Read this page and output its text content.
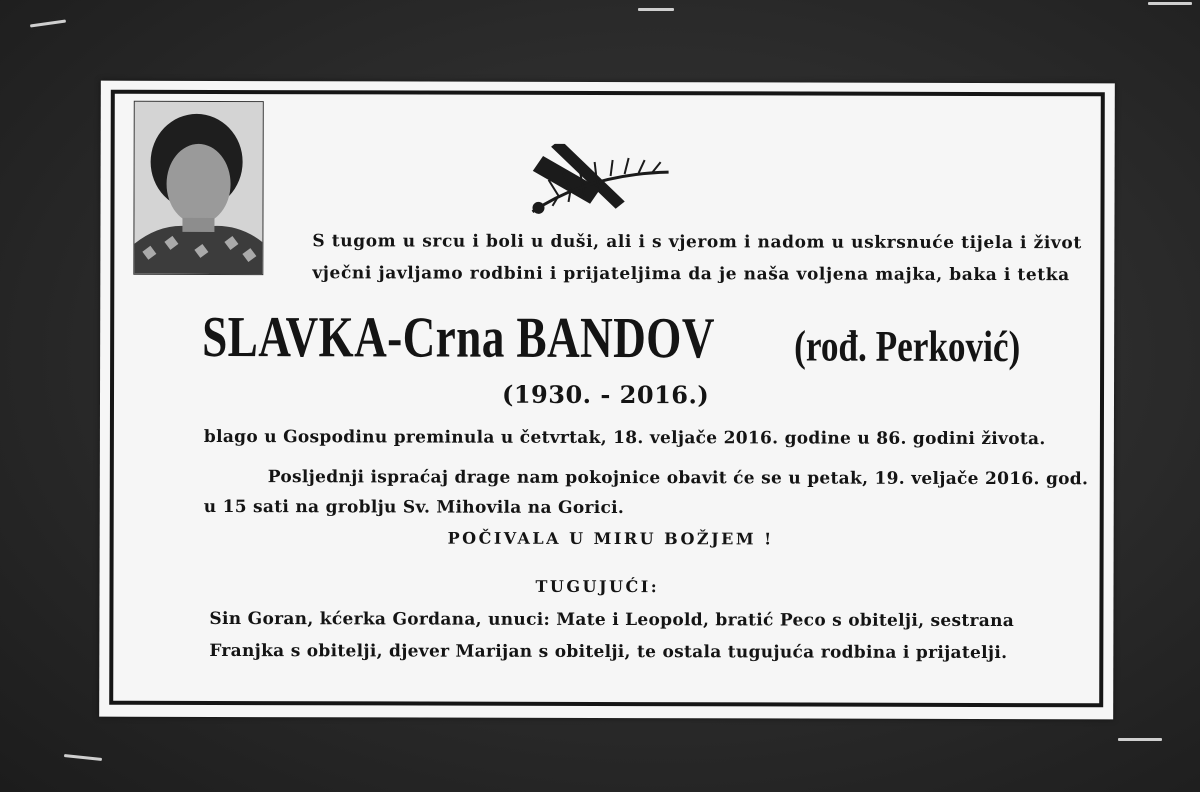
S tugom u srcu i boli u duši, ali i s vjerom i nadom u uskrsnuće tijela i život
vječni javljamo rodbini i prijateljima da je naša voljena majka, baka i tetka
SLAVKA-Crna BANDOV (rođ. Perković)
(1930. - 2016.)
blago u Gospodinu preminula u četvrtak, 18. veljače 2016. godine u 86. godini života.
Posljednji ispraćaj drage nam pokojnice obavit će se u petak, 19. veljače 2016. god.
u 15 sati na groblju Sv. Mihovila na Gorici.
POČIVALA U MIRU BOŽJEM !
TUGUJUĆI:
Sin Goran, kćerka Gordana, unuci: Mate i Leopold, bratić Peco s obitelji, sestrana
Franjka s obitelji, djever Marijan s obitelji, te ostala tugujuća rodbina i prijatelji.
